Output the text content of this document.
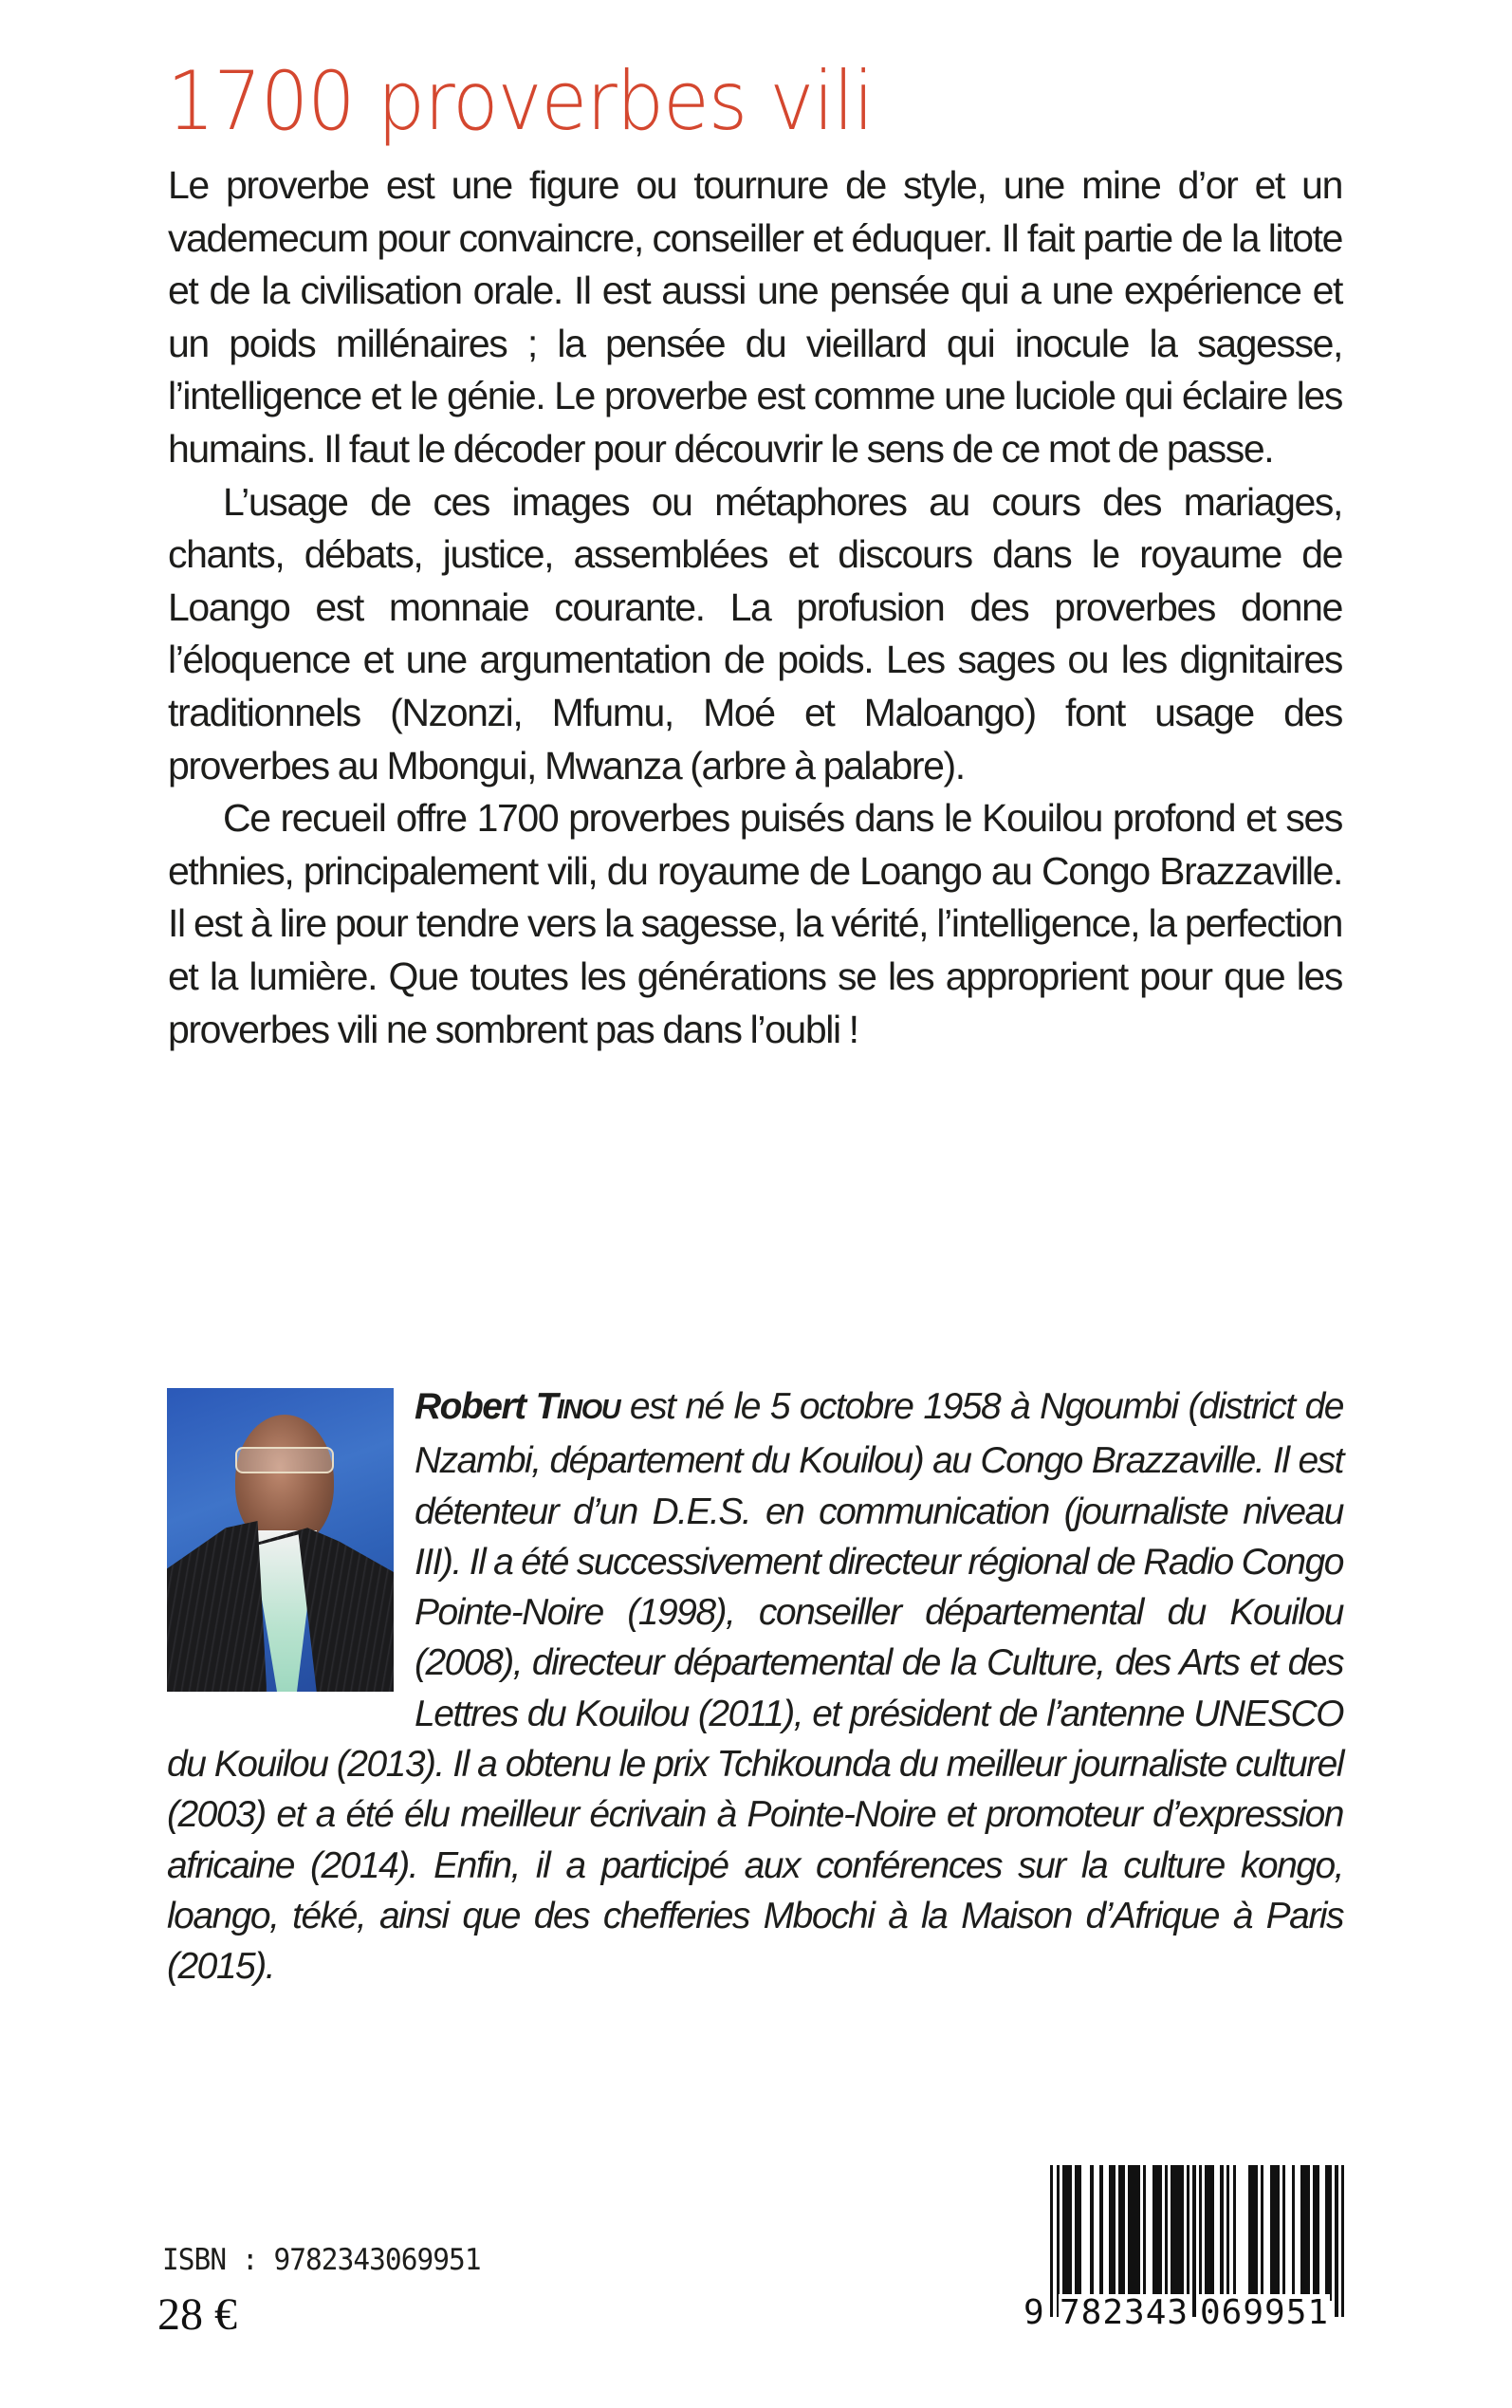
1700 proverbes vili

Le proverbe est une figure ou tournure de style, une mine d’or et un vademecum pour convaincre, conseiller et éduquer. Il fait partie de la litote et de la civilisation orale. Il est aussi une pensée qui a une expérience et un poids millénaires ; la pensée du vieillard qui inocule la sagesse, l’intelligence et le génie. Le proverbe est comme une luciole qui éclaire les humains. Il faut le décoder pour découvrir le sens de ce mot de passe.

L’usage de ces images ou métaphores au cours des mariages, chants, débats, justice, assemblées et discours dans le royaume de Loango est monnaie courante. La profusion des proverbes donne l’éloquence et une argumentation de poids. Les sages ou les dignitaires traditionnels (Nzonzi, Mfumu, Moé et Maloango) font usage des proverbes au Mbongui, Mwanza (arbre à palabre).

Ce recueil offre 1700 proverbes puisés dans le Kouilou profond et ses ethnies, principalement vili, du royaume de Loango au Congo Brazzaville. Il est à lire pour tendre vers la sagesse, la vérité, l’intelligence, la perfection et la lumière. Que toutes les générations se les approprient pour que les proverbes vili ne sombrent pas dans l’oubli !

Robert TINOU est né le 5 octobre 1958 à Ngoumbi (district de Nzambi, département du Kouilou) au Congo Brazzaville. Il est détenteur d’un D.E.S. en communication (journaliste niveau III). Il a été successivement directeur régional de Radio Congo Pointe-Noire (1998), conseiller départemental du Kouilou (2008), directeur départemental de la Culture, des Arts et des Lettres du Kouilou (2011), et président de l’antenne UNESCO du Kouilou (2013). Il a obtenu le prix Tchikounda du meilleur journaliste culturel (2003) et a été élu meilleur écrivain à Pointe-Noire et promoteur d’expression africaine (2014). Enfin, il a participé aux conférences sur la culture kongo, loango, téké, ainsi que des chefferies Mbochi à la Maison d’Afrique à Paris (2015).
ISBN : 9782343069951
28 €	9 782343 069951
